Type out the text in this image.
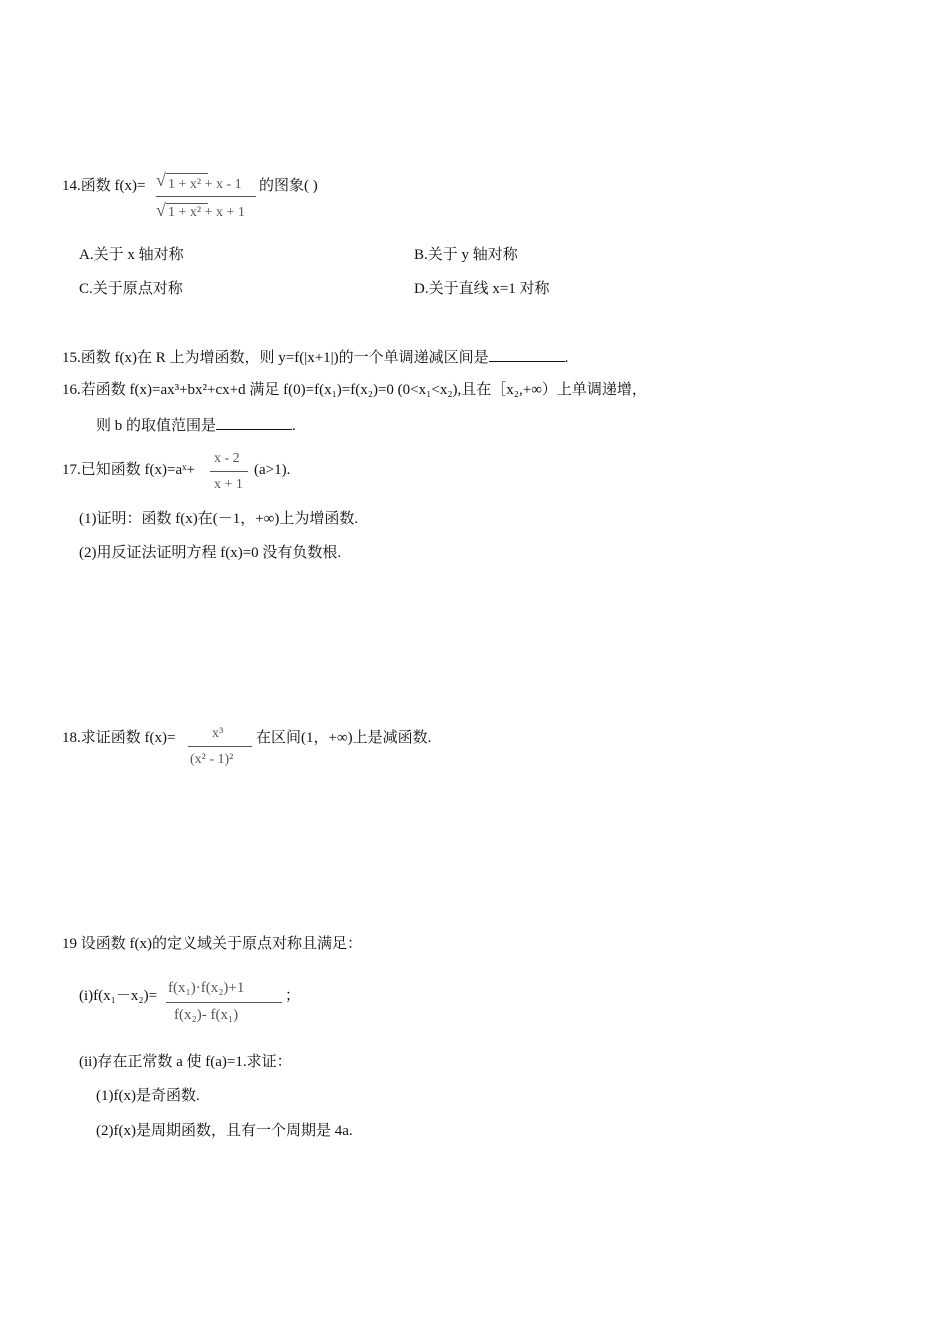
14.函数 f(x)= √ 1 + x² + x - 1
√ 1 + x² + x + 1
的图象( )
A.关于 x 轴对称	B.关于 y 轴对称
C.关于原点对称	D.关于直线 x=1 对称
15.函数 f(x)在 R 上为增函数，则 y=f(|x+1|)的一个单调递减区间是	.
16.若函数 f(x)=ax³+bx²+cx+d 满足 f(0)=f(x₁)=f(x₂)=0 (0<x₁<x₂),且在［x₂,+∞）上单调递增，
则 b 的取值范围是	.
17.已知函数 f(x)=aˣ+
x - 2
x + 1
(a>1).
(1)证明：函数 f(x)在(－1，+∞)上为增函数.
(2)用反证法证明方程 f(x)=0 没有负数根.
18.求证函数 f(x)=	x³
(x² - 1)²
在区间(1，+∞)上是减函数.
19 设函数 f(x)的定义域关于原点对称且满足：
(i)f(x₁－x₂)= f(x₁)·f(x₂)+1
f(x₂)- f(x₁)
；
(ii)存在正常数 a 使 f(a)=1.求证：
(1)f(x)是奇函数.
(2)f(x)是周期函数，且有一个周期是 4a.
